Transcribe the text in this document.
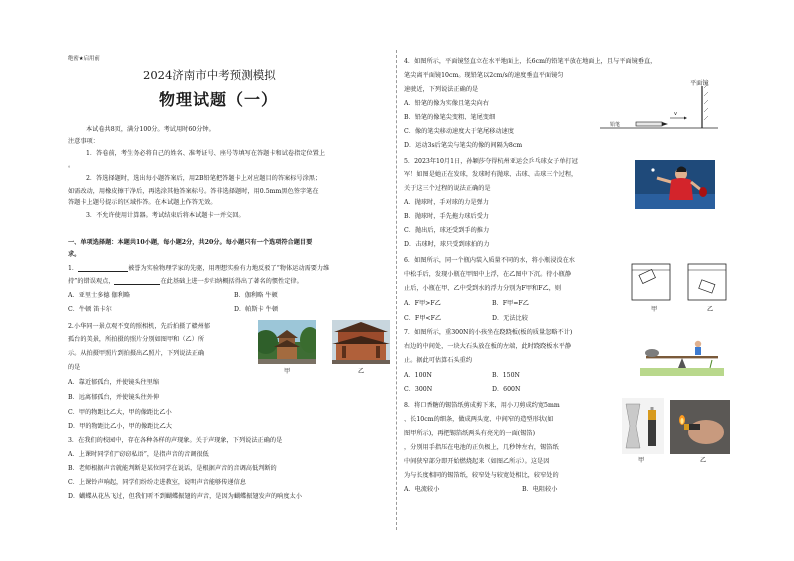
绝密★启用前
2024济南市中考预测模拟
物理试题（一）
本试卷共8页，满分100分。考试用时60分钟。
注意事项：
1．答卷前，考生务必将自己的姓名、准考证号、座号等填写在答题卡和试卷指定位置上
。
2．答选择题时，选出每小题答案后，用2B铅笔把答题卡上对应题目的答案标号涂黑；
如需改动，用橡皮擦干净后，再选涂其他答案标号。答非选择题时，用0.5mm黑色签字笔在
答题卡上题号提示的区域作答。在本试题上作答无效。
3．不允许使用计算器。考试结束后将本试题卡一并交回。
一、单项选择题：本题共10小题，每小题2分，共20分。每小题只有一个选项符合题目要
求。
1．	被誉为实验物理学家的先驱，用理想实验有力地反驳了“物体运动需要力维
持”的错误观点，	在此基础上进一步归纳概括得出了著名的惯性定律。
A．亚里士多德 伽利略	B．伽利略 牛顿
C．牛顿 笛卡尔	D．帕斯卡 牛顿
2.小华同一景点观不变的照相机，先后拍摄了赣州郁
孤台的美景，所拍摄的照片分别如图甲和（乙）所
示。从拍摄甲照片到拍摄出乙照片，下列说法正确
的是
甲	乙
A．靠近郁孤台，并使镜头往里缩
B．远离郁孤台，并使镜头往外伸
C．甲的物距比乙大，甲的像距比乙小
D．甲的物距比乙小，甲的像距比乙大
3．在我们的校园中，存在各种各样的声现象。关于声现象，下列说法正确的是
A．上课时同学们“窃窃私语”，是指声音的音调很低
B．老师根据声音就能判断是某位同学在说话，是根据声音的音调高低判断的
C．上课铃声响起，同学们纷纷走进教室，说明声音能够传递信息
D．蝴蝶从花丛飞过，但我们听不到蝴蝶振翅的声音，是因为蝴蝶振翅发声的响度太小
4．如图所示，平面镜竖直立在水平地面上，长6cm的铅笔平放在地面上，且与平面镜垂直，
笔尖离平面镜10cm。现铅笔以2cm/s的速度垂直平面镜匀
速驶近，下列说法正确的是
A．铅笔的像为实像且笔尖向右
B．铅笔的像笔尖变粗、笔尾变细
C．像的笔尖移动速度大于笔尾移动速度
D．运动3s后笔尖与笔尖的像的间隔为8cm
v
铅笔
平面镜
5．2023年10月1日，孙颖莎夺得杭州亚运会乒乓球女子单打冠
军！如图是她正在发球，发球时有抛球、击球、击球三个过程，
关于这三个过程的说法正确的是
A．抛球时，手对球的力是弹力
B．抛球时，手先拖力球后受力
C．抛出后，球还受到手的推力
D．击球时，球只受到球拍的力
6．如图所示，同一个瓶内装入质量不同的水，将小瓶浸没在水
中松手后，发现小瓶在甲图中上浮，在乙图中下沉。待小瓶静
止后，小瓶在甲、乙中受到水的浮力分别为F甲和F乙，则
A．F甲>F乙	B．F甲=F乙
C．F甲<F乙	D．无法比较
甲	乙
7．如图所示，重300N的小孩坐在跷跷板(板的质量忽略不计)
右边的中间处，一块大石头放在板的左端，此时跷跷板水平静
止。据此可估算石头重约
A．100N	B．150N
C．300N	D．600N
8．将口香糖的锡箔纸剪成剪下来，用小刀剪成约宽5mm
、长10cm的细条，做成两头宽、中间窄的造型形状(如
图甲所示)，再把锡箔纸两头有亮光的一面(锡箔)
，分别用手指压在电池的正负极上，几秒钟左右，锡箔纸
中间狭窄部分即开始燃烧起来（如图乙所示）。这是因
为与长度相同的锡箔纸，较窄处与较宽处相比，较窄处的
A．电流较小	B．电阻较小
甲	乙
